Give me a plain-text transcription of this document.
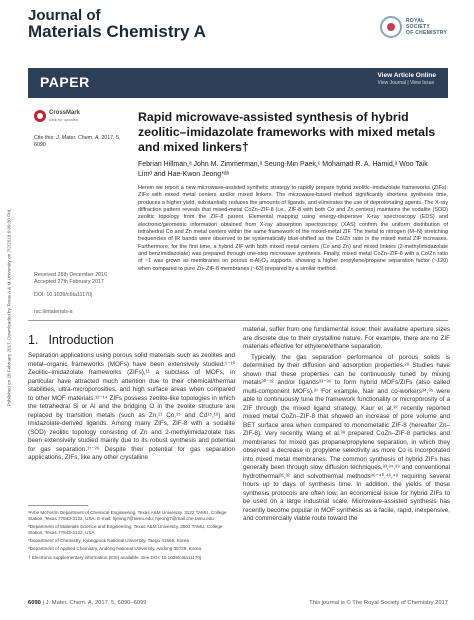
Journal of
Materials Chemistry A
ROYAL SOCIETY
OF CHEMISTRY
PAPER	View Article Online
View Journal | View Issue
Published on 28 February 2017. Downloaded by Texas A & M University on 7/2/2018 6:09:30 PM.
CrossMark
click for updates
Cite this: J. Mater. Chem. A, 2017, 5, 6090
Rapid microwave-assisted synthesis of hybrid zeolitic–imidazolate frameworks with mixed metals and mixed linkers†
Febrian Hillman,ᵃ John M. Zimmerman,ᵃ Seung-Min Paek,ᶜ Mohamad R. A. Hamid,ᵃ Woo Taik Limᵈ and Hae-Kwon Jeong*ᵃᵇ
Herein we report a new microwave-assisted synthetic strategy to rapidly prepare hybrid zeolitic–imidazolate frameworks (ZIFs): ZIFs with mixed metal centers and/or mixed linkers. The microwave-based method significantly shortens synthesis time, produces a higher yield, substantially reduces the amounts of ligands, and eliminates the use of deprotonating agents. The X-ray diffraction pattern reveals that mixed-metal CoZn–ZIF-8 (i.e., ZIF-8 with both Co and Zn centers) maintains the sodalite (SOD) zeolitic topology from the ZIF-8 parent. Elemental mapping using energy-dispersive X-ray spectroscopy (EDS) and electronic/geometric information obtained from X-ray absorption spectroscopy (XAS) confirm the uniform distribution of tetrahedral Co and Zn metal centers within the same framework of the mixed-metal ZIF. The metal to nitrogen (M–N) stretching frequencies of IR bands were observed to be systematically blue-shifted as the Co/Zn ratio in the mixed metal ZIF increases. Furthermore, for the first time, a hybrid ZIF with both mixed metal centers (Co and Zn) and mixed linkers (2-methylimidazolate and benzimidazolate) was prepared through one-step microwave synthesis. Finally, mixed metal CoZn–ZIF-8 with a Co/Zn ratio of ~1 was grown as membranes on porous α-Al₂O₃ supports, showing a higher propylene/propane separation factor (~120) when compared to pure Zn–ZIF-8 membranes (~63) prepared by a similar method.
Received 28th December 2016
Accepted 27th February 2017
DOI: 10.1039/c6ta11170j
rsc.li/materials-a
1. Introduction
Separation applications using porous solid materials such as zeolites and metal–organic frameworks (MOFs) have been extensively studied.¹⁻¹⁰ Zeolitic–imidazolate frameworks (ZIFs),¹¹ a subclass of MOFs, in particular have attracted much attention due to their chemical/thermal stabilities, ultra-microporosities, and high surface areas when compared to other MOF materials.¹²⁻¹⁴ ZIFs possess zeolite-like topologies in which the tetrahedral Si or Al and the bridging O in the zeolite structure are replaced by transition metals (such as Zn,¹¹ Co,¹⁵ and Cd¹⁵,¹⁶) and imidazolate-derived ligands. Among many ZIFs, ZIF-8 with a sodalite (SOD) zeolitic topology consisting of Zn and 2-methylimidazolate has been extensively studied mainly due to its robust synthesis and potential for gas separation.¹⁷⁻²⁶ Despite their potential for gas separation applications, ZIFs, like any other crystalline

material, suffer from one fundamental issue: their available aperture sizes are discrete due to their crystalline nature. For example, there are no ZIF materials effective for ethylene/ethane separation.

Typically, the gas separation performance of porous solids is determined by their diffusion and adsorption properties.²⁹ Studies have shown that these properties can be continuously tuned by mixing metals³⁰⁻³² and/or ligands³³⁻³⁶ to form hybrid MOFs/ZIFs (also called multi-component MOFs).³⁷ For example, Nair and co-workers³⁴,³⁵ were able to continuously tune the framework functionality or microporosity of a ZIF through the mixed ligand strategy. Kaur et al.³² recently reported mixed metal CoZn–ZIF-8 that showed an increase of pore volume and BET surface area when compared to monometallic ZIF-8 (hereafter Zn–ZIF-8). Very recently, Wang et al.³⁸ prepared CoZn–ZIF-8 particles and membranes for mixed gas propane/propylene separation, in which they observed a decrease in propylene selectivity as more Co is incorporated into mixed metal membranes. The common synthesis of hybrid ZIFs has generally been through slow diffusion techniques,³³,³⁴,³⁹ and conventional hydrothermal³¹,³² and solvothermal methods³⁶⁻⁴⁰,⁴⁶,⁴⁸ requiring several hours up to days of synthesis time. In addition, the yields of those synthesis protocols are often low, an economical issue for hybrid ZIFs to be used on a large industrial scale. Microwave-assisted synthesis has recently become popular in MOF synthesis as a facile, rapid, inexpensive, and commercially viable route toward the

ᵃArtie McFerrin Department of Chemical Engineering, Texas A&M University, 3122 TAMU, College Station, Texas 77843-3122, USA. E-mail: hjeong7@tamu.edu; hjeong7@mail.che.tamu.edu

ᵇDepartment of Materials Science and Engineering, Texas A&M University, 3003 TAMU, College Station, Texas 77843-3122, USA

ᶜDepartment of Chemistry, Kyungpook National University, Taegu 41566, Korea

ᵈDepartment of Applied Chemistry, Andong National University, Andong 36729, Korea

† Electronic supplementary information (ESI) available. See DOI: 10.1039/c6ta11170j

6090 | J. Mater. Chem. A, 2017, 5, 6090–6099	This journal is © The Royal Society of Chemistry 2017
